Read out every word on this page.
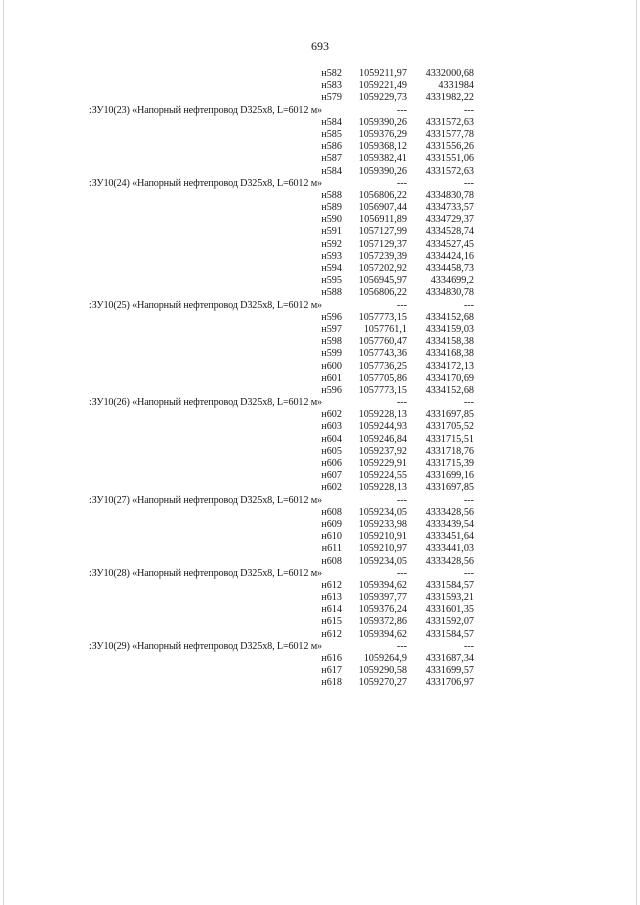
693
н582 1059211,97 4332000,68
н583 1059221,49	4331984
н579 1059229,73 4331982,22
:ЗУ10(23) «Напорный нефтепровод D325x8, L=6012 м»	---	---
н584 1059390,26 4331572,63
н585 1059376,29 4331577,78
н586 1059368,12 4331556,26
н587 1059382,41 4331551,06
н584 1059390,26 4331572,63
:ЗУ10(24) «Напорный нефтепровод D325x8, L=6012 м»	---	---
н588 1056806,22 4334830,78
н589 1056907,44 4334733,57
н590 1056911,89 4334729,37
н591 1057127,99 4334528,74
н592 1057129,37 4334527,45
н593 1057239,39 4334424,16
н594 1057202,92 4334458,73
н595 1056945,97 4334699,2
н588 1056806,22 4334830,78
:ЗУ10(25) «Напорный нефтепровод D325x8, L=6012 м»	---	---
н596 1057773,15 4334152,68
н597 1057761,1 4334159,03
н598 1057760,47 4334158,38
н599 1057743,36 4334168,38
н600 1057736,25 4334172,13
н601 1057705,86 4334170,69
н596 1057773,15 4334152,68
:ЗУ10(26) «Напорный нефтепровод D325x8, L=6012 м»	---	---
н602 1059228,13 4331697,85
н603 1059244,93 4331705,52
н604 1059246,84 4331715,51
н605 1059237,92 4331718,76
н606 1059229,91 4331715,39
н607 1059224,55 4331699,16
н602 1059228,13 4331697,85
:ЗУ10(27) «Напорный нефтепровод D325x8, L=6012 м»	---	---
н608 1059234,05 4333428,56
н609 1059233,98 4333439,54
н610 1059210,91 4333451,64
н611 1059210,97 4333441,03
н608 1059234,05 4333428,56
:ЗУ10(28) «Напорный нефтепровод D325x8, L=6012 м»	---	---
н612 1059394,62 4331584,57
н613 1059397,77 4331593,21
н614 1059376,24 4331601,35
н615 1059372,86 4331592,07
н612 1059394,62 4331584,57
:ЗУ10(29) «Напорный нефтепровод D325x8, L=6012 м»	---	---
н616 1059264,9 4331687,34
н617 1059290,58 4331699,57
н618 1059270,27 4331706,97
